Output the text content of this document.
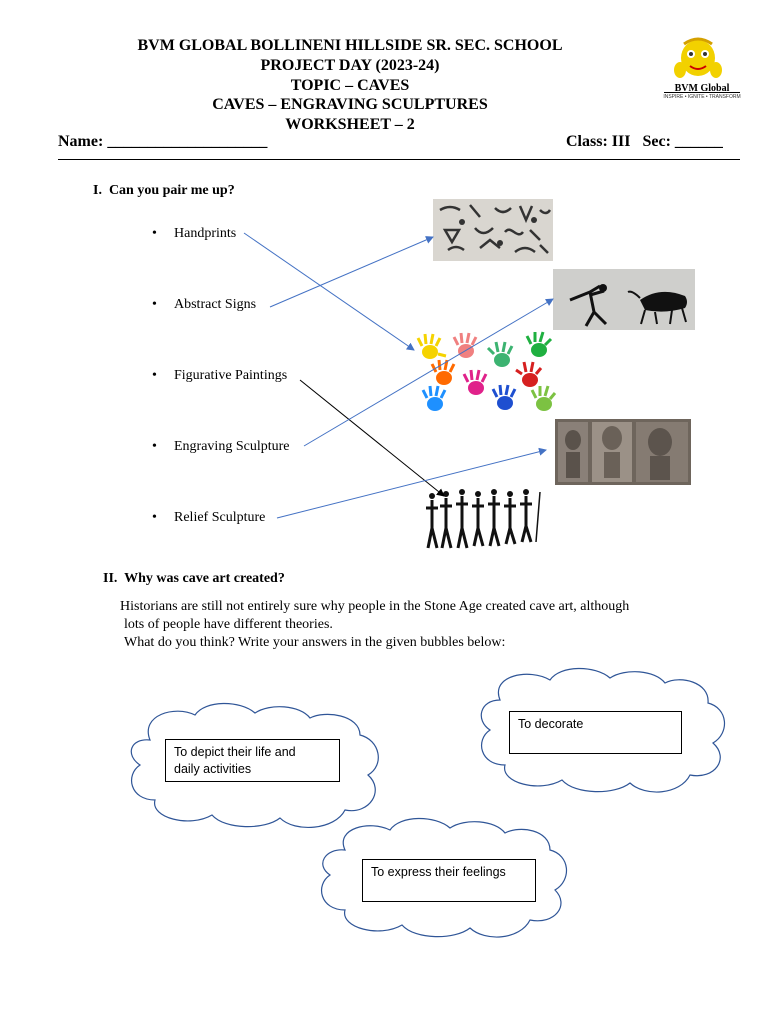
BVM GLOBAL BOLLINENI HILLSIDE SR. SEC. SCHOOL
PROJECT DAY (2023-24)
TOPIC – CAVES
CAVES – ENGRAVING SCULPTURES
WORKSHEET – 2
BVM Global
INSPIRE • IGNITE • TRANSFORM
Name: ____________________	Class: III   Sec: ______
I.  Can you pair me up?
• Handprints
• Abstract Signs
• Figurative Paintings
• Engraving Sculpture
• Relief Sculpture
II.  Why was cave art created?
Historians are still not entirely sure why people in the Stone Age created cave art, although
lots of people have different theories.
What do you think? Write your answers in the given bubbles below:
To depict their life and
daily activities
To decorate
To express their feelings
